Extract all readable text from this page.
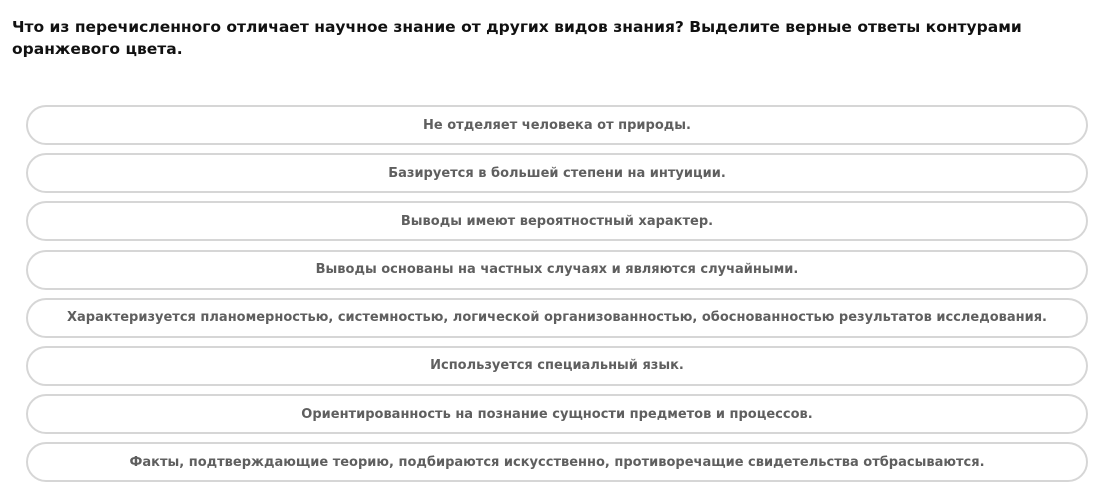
Что из перечисленного отличает научное знание от других видов знания? Выделите верные ответы контурами оранжевого цвета.

Не отделяет человека от природы.
Базируется в большей степени на интуиции.
Выводы имеют вероятностный характер.
Выводы основаны на частных случаях и являются случайными.
Характеризуется планомерностью, системностью, логической организованностью, обоснованностью результатов исследования.
Используется специальный язык.
Ориентированность на познание сущности предметов и процессов.
Факты, подтверждающие теорию, подбираются искусственно, противоречащие свидетельства отбрасываются.
